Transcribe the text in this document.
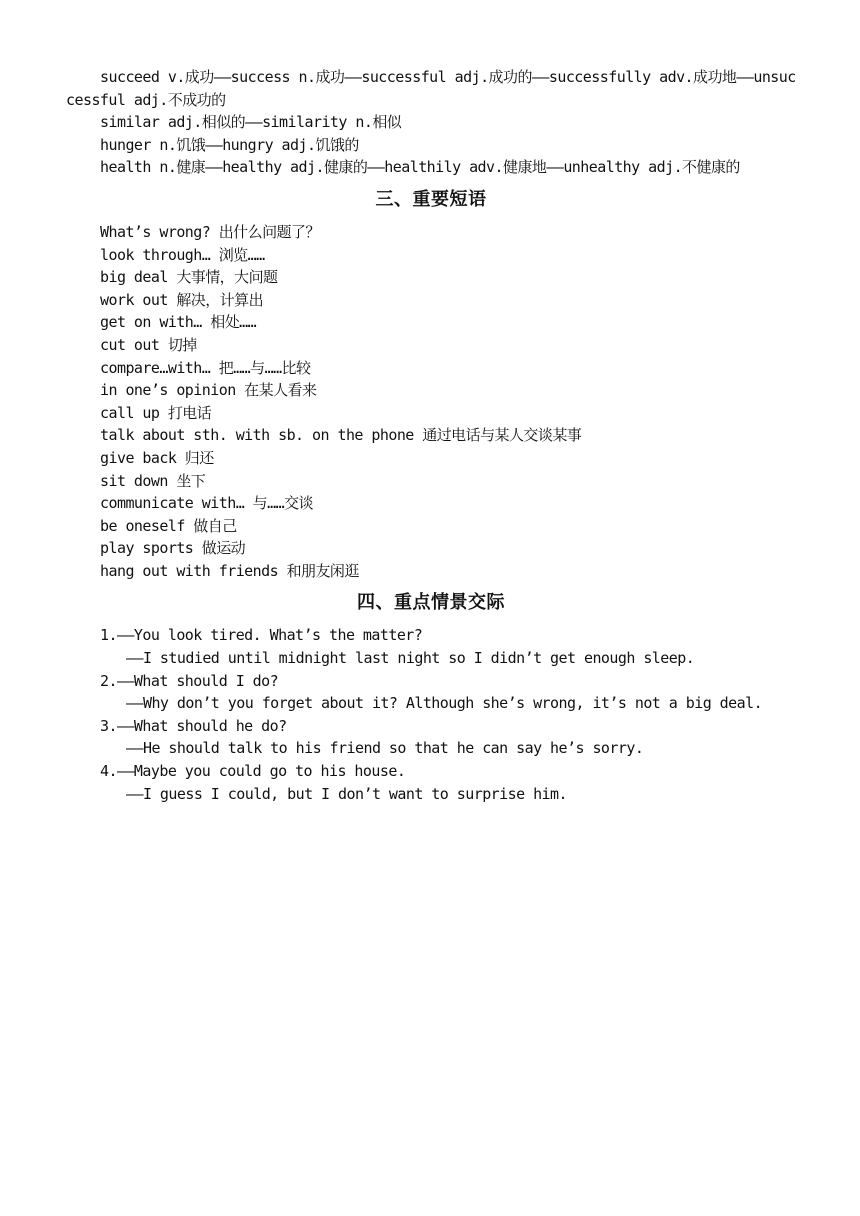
succeed v.成功——success n.成功——successful adj.成功的——successfully adv.成功地——unsuccessful adj.不成功的

similar adj.相似的——similarity n.相似

hunger n.饥饿——hungry adj.饥饿的

health n.健康——healthy adj.健康的——healthily adv.健康地——unhealthy adj.不健康的

三、重要短语

What’s wrong? 出什么问题了？

look through… 浏览……

big deal 大事情，大问题

work out 解决，计算出

get on with… 相处……

cut out 切掉

compare…with… 把……与……比较

in one’s opinion 在某人看来

call up 打电话

talk about sth. with sb. on the phone 通过电话与某人交谈某事

give back 归还

sit down 坐下

communicate with… 与……交谈

be oneself 做自己

play sports 做运动

hang out with friends 和朋友闲逛

四、重点情景交际

1.——You look tired. What’s the matter?

——I studied until midnight last night so I didn’t get enough sleep.

2.——What should I do?

——Why don’t you forget about it? Although she’s wrong, it’s not a big deal.

3.——What should he do?

——He should talk to his friend so that he can say he’s sorry.

4.——Maybe you could go to his house.

——I guess I could, but I don’t want to surprise him.
